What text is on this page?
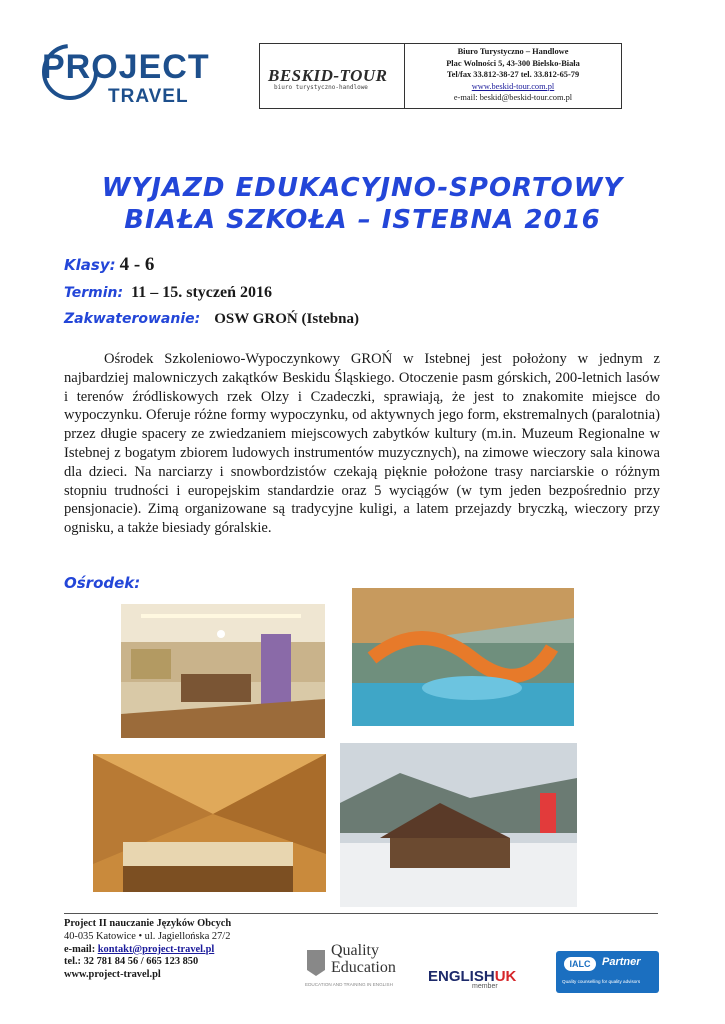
PROJECT
TRAVEL
BESKID-TOUR
biuro turystyczno-handlowe
Biuro Turystyczno – Handlowe
Plac Wolności 5, 43-300 Bielsko-Biała
Tel/fax 33.812-38-27 tel. 33.812-65-79
www.beskid-tour.com.pl
e-mail: beskid@beskid-tour.com.pl
WYJAZD EDUKACYJNO-SPORTOWY
BIAŁA SZKOŁA – ISTEBNA 2016
Klasy: 4 - 6
Termin: 11 – 15. styczeń 2016
Zakwaterowanie: OSW GROŃ (Istebna)
Ośrodek Szkoleniowo-Wypoczynkowy GROŃ w Istebnej jest położony w jednym z najbardziej malowniczych zakątków Beskidu Śląskiego. Otoczenie pasm górskich, 200-letnich lasów i terenów źródliskowych rzek Olzy i Czadeczki, sprawiają, że jest to znakomite miejsce do wypoczynku. Oferuje różne formy wypoczynku, od aktywnych jego form, ekstremalnych (paralotnia) przez długie spacery ze zwiedzaniem miejscowych zabytków kultury (m.in. Muzeum Regionalne w Istebnej z bogatym zbiorem ludowych instrumentów muzycznych), na zimowe wieczory sala kinowa dla dzieci. Na narciarzy i snowbordzistów czekają pięknie położone trasy narciarskie o różnym stopniu trudności i europejskim standardzie oraz 5 wyciągów (w tym jeden bezpośrednio przy pensjonacie). Zimą organizowane są tradycyjne kuligi, a latem przejazdy bryczką, wieczory przy ognisku, a także biesiady góralskie.
Ośrodek:
Project II nauczanie Języków Obcych
40-035 Katowice • ul. Jagiellońska 27/2
e-mail: kontakt@project-travel.pl
tel.: 32 781 84 56 / 665 123 850
www.project-travel.pl
Quality
Education
EDUCATION AND TRAINING IN ENGLISH ENGLISHUK
member
IALC	Partner
Quality counselling for quality advisors
